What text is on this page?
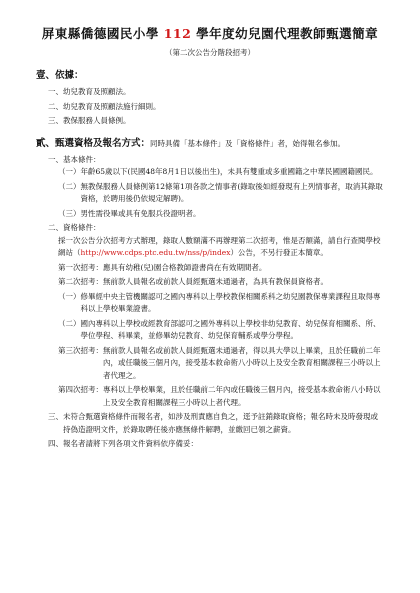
屏東縣僑德國民小學 112 學年度幼兒園代理教師甄選簡章
（第二次公告分階段招考）
壹、依據：
一、幼兒教育及照顧法。
二、幼兒教育及照顧法施行細則。
三、教保服務人員條例。
貳、甄選資格及報名方式：同時具備「基本條件」及「資格條件」者，始得報名參加。
一、基本條件：
（一） 年齡65歲以下(民國48年8月1日以後出生)，未具有雙重或多重國籍之中華民國國籍國民。
（二） 無教保服務人員條例第12條第1項各款之情事者(錄取後如經發現有上列情事者，取消其錄取資格，於聘用後仍依規定解聘)。
（三） 男性需役畢或具有免服兵役證明者。
二、資格條件：
採一次公告分次招考方式辦理，錄取人數額滿不再辦理第二次招考，惟是否額滿，請自行查閱學校網站（http://www.cdps.ptc.edu.tw/nss/p/index）公告，不另行發正本簡章。
第一次招考： 應具有幼稚(兒)園合格教師證書尚在有效期間者。
第二次招考： 無前款人員報名或前款人員經甄選未通過者，為具有教保員資格者。
（一） 修畢經中央主管機關認可之國內專科以上學校教保相關系科之幼兒園教保專業課程且取得專科以上學校畢業證書。
（二） 國內專科以上學校或經教育部認可之國外專科以上學校非幼兒教育、幼兒保育相關系、所、學位學程、科畢業，並修畢幼兒教育、幼兒保育輔系或學分學程。
第三次招考： 無前款人員報名或前款人員經甄選未通過者，得以具大學以上畢業，且於任職前二年內，或任職後三個月內，接受基本救命術八小時以上及安全教育相關課程三小時以上者代理之。
第四次招考： 專科以上學校畢業，且於任職前二年內或任職後三個月內，接受基本救命術八小時以上及安全教育相關課程三小時以上者代理。
三、 未符合甄選資格條件而報名者，如涉及刑責應自負之，逕予註銷錄取資格；報名時未及時發現或持偽造證明文件，於錄取聘任後亦應無條件解聘，並繳回已領之薪資。
四、報名者請將下列各項文件資料依序備妥：
